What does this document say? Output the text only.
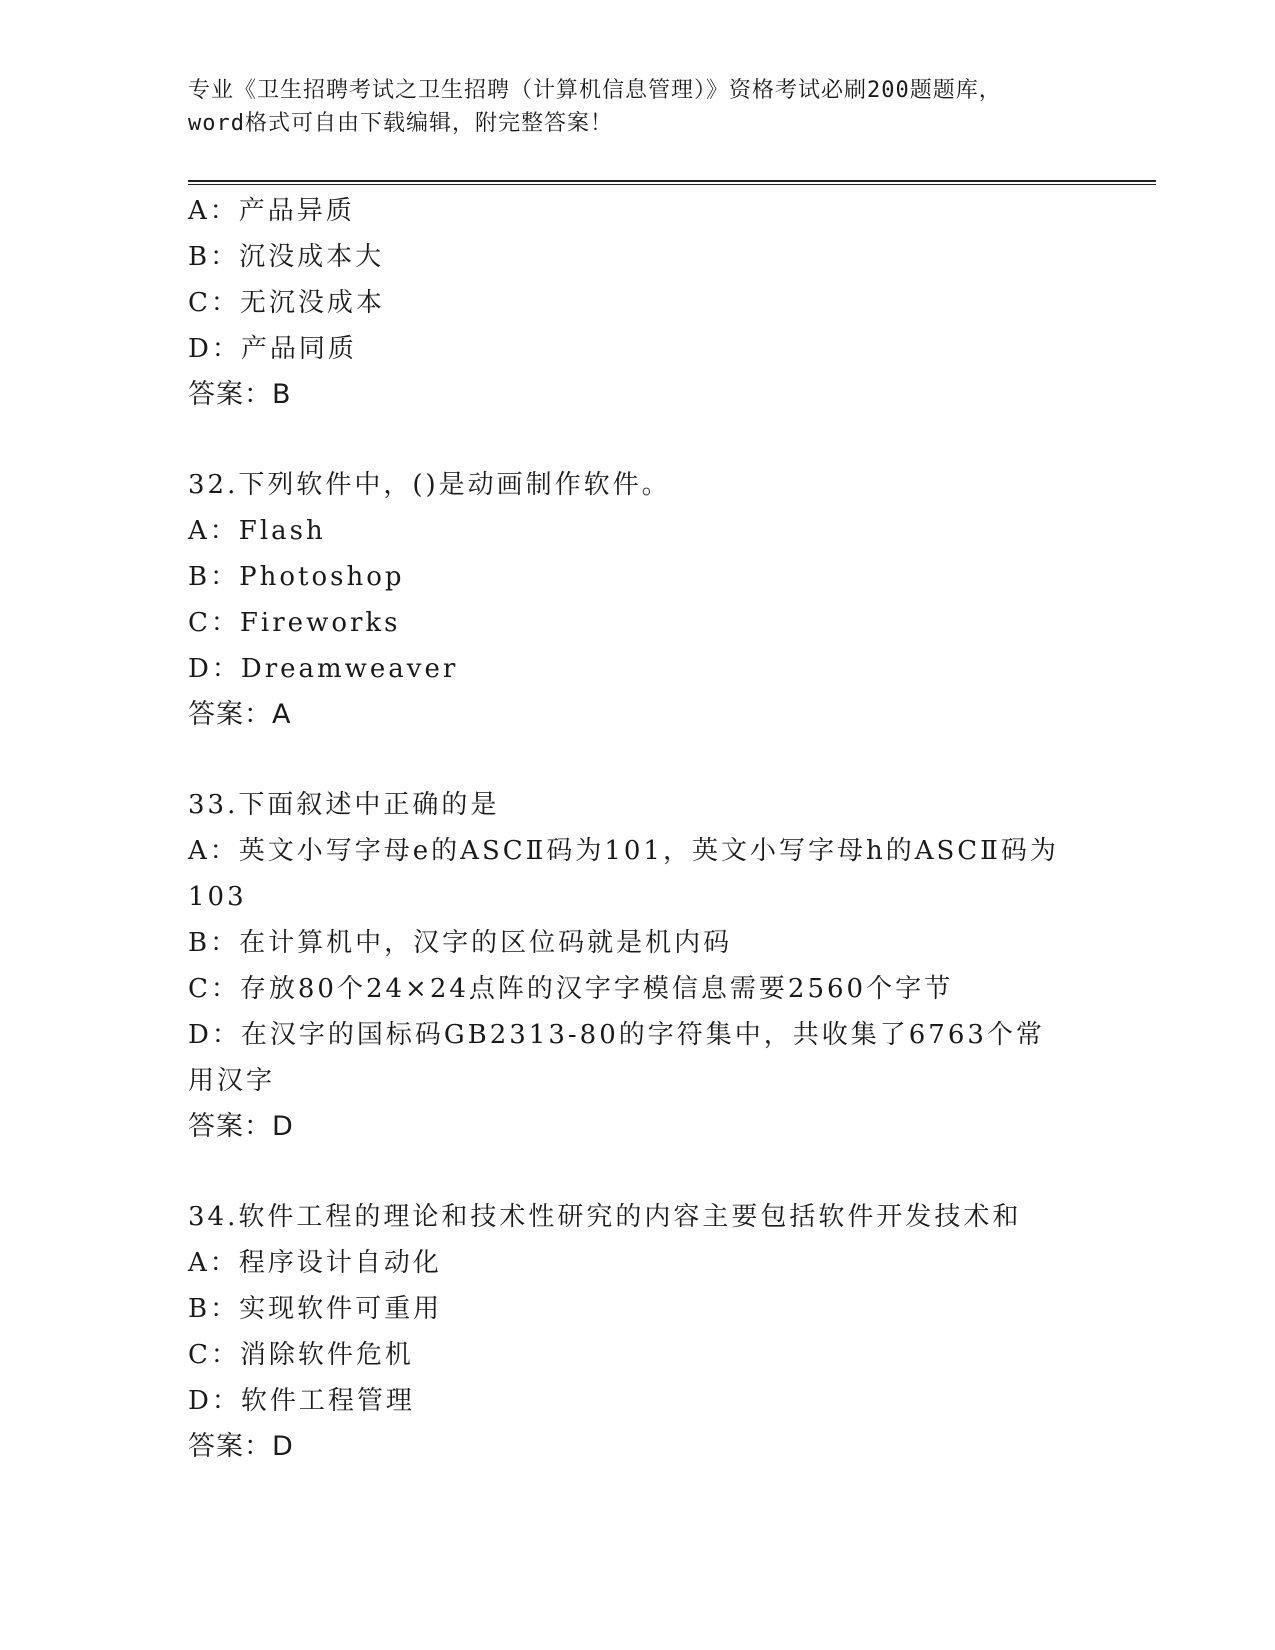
专业《卫生招聘考试之卫生招聘（计算机信息管理）》资格考试必刷200题题库，
word格式可自由下载编辑，附完整答案！
A：产品异质
B：沉没成本大
C：无沉没成本
D：产品同质
答案：B
32.下列软件中，()是动画制作软件。
A：Flash
B：Photoshop
C：Fireworks
D：Dreamweaver
答案：A
33.下面叙述中正确的是
A：英文小写字母e的ASCⅡ码为101，英文小写字母h的ASCⅡ码为103
B：在计算机中，汉字的区位码就是机内码
C：存放80个24×24点阵的汉字字模信息需要2560个字节
D：在汉字的国标码GB2313-80的字符集中，共收集了6763个常用汉字
答案：D
34.软件工程的理论和技术性研究的内容主要包括软件开发技术和
A：程序设计自动化
B：实现软件可重用
C：消除软件危机
D：软件工程管理
答案：D
